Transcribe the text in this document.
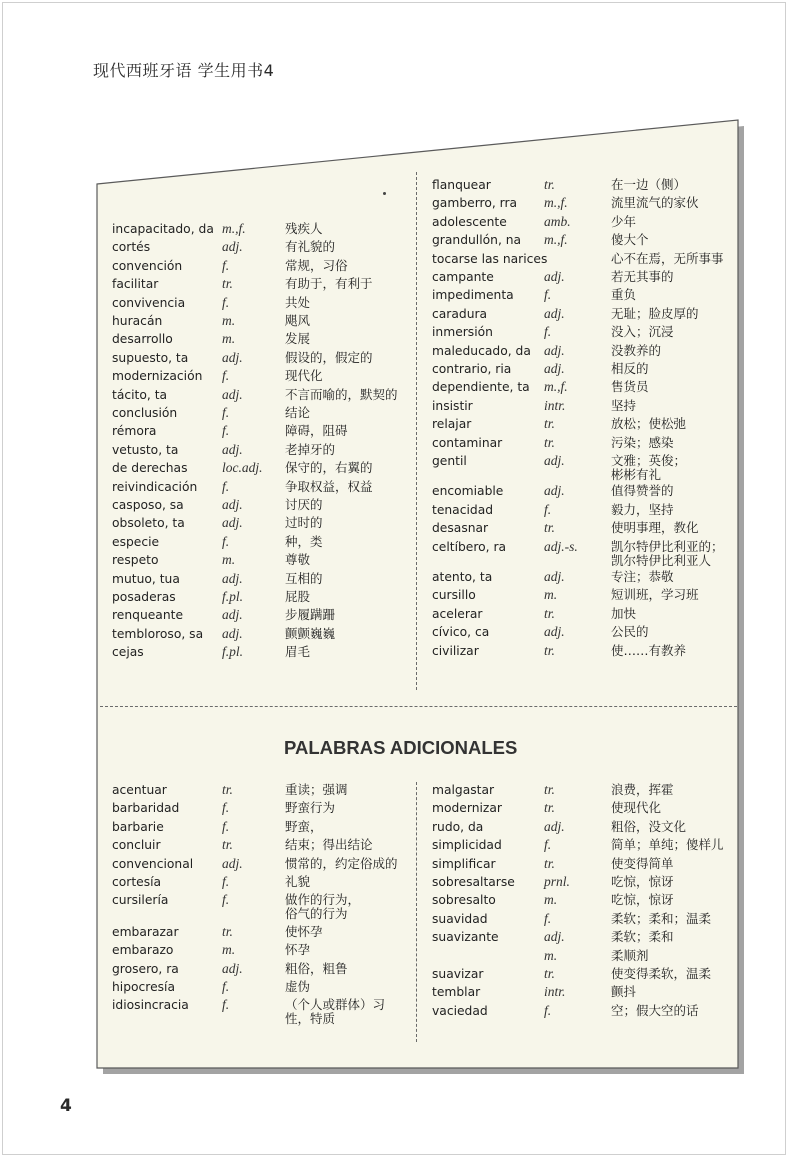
现代西班牙语 学生用书4
PALABRAS ADICIONALES
incapacitado, da m.,f.	残疾人
cortés	adj.	有礼貌的
convención	f.	常规，习俗
facilitar	tr.	有助于，有利于
convivencia	f.	共处
huracán	m.	飓风
desarrollo	m.	发展
supuesto, ta adj.	假设的，假定的
modernización f.	现代化
tácito, ta	adj.	不言而喻的，默契的
conclusión	f.	结论
rémora	f.	障碍，阻碍
vetusto, ta	adj.	老掉牙的
de derechas	loc.adj. 保守的，右翼的
reivindicación f.	争取权益，权益
casposo, sa	adj.	讨厌的
obsoleto, ta	adj.	过时的
especie	f.	种，类
respeto	m.	尊敬
mutuo, tua	adj.	互相的
posaderas	f.pl.	屁股
renqueante	adj.	步履蹒跚
tembloroso, sa adj.	颤颤巍巍
cejas	f.pl.	眉毛
flanquear	tr.	在一边（侧）
gamberro, rra m.,f.	流里流气的家伙
adolescente	amb.	少年
grandullón, na m.,f.	傻大个
tocarse las narices	心不在焉，无所事事
campante	adj.	若无其事的
impedimenta f.	重负
caradura	adj.	无耻；脸皮厚的
inmersión	f.	没入；沉浸
maleducado, da adj.	没教养的
contrario, ria adj.	相反的
dependiente, ta m.,f.	售货员
insistir	intr.	坚持
relajar	tr.	放松；使松弛
contaminar	tr.	污染；感染
gentil	adj.	文雅；英俊；
彬彬有礼
encomiable	adj.	值得赞誉的
tenacidad	f.	毅力，坚持
desasnar	tr.	使明事理，教化
celtíbero, ra	adj.-s.	凯尔特伊比利亚的；
凯尔特伊比利亚人
atento, ta	adj.	专注；恭敬
cursillo	m.	短训班，学习班
acelerar	tr.	加快
cívico, ca	adj.	公民的
civilizar	tr.	使……有教养
acentuar	tr.	重读；强调
barbaridad	f.	野蛮行为
barbarie	f.	野蛮，
concluir	tr.	结束；得出结论
convencional adj.	惯常的，约定俗成的
cortesía	f.	礼貌
cursilería	f.	做作的行为，
俗气的行为
embarazar	tr.	使怀孕
embarazo	m.	怀孕
grosero, ra	adj.	粗俗，粗鲁
hipocresía	f.	虚伪
idiosincracia f.	（个人或群体）习
性，特质
malgastar	tr.	浪费，挥霍
modernizar	tr.	使现代化
rudo, da	adj.	粗俗，没文化
simplicidad	f.	简单；单纯；傻样儿
simplificar	tr.	使变得简单
sobresaltarse prnl.	吃惊，惊讶
sobresalto	m.	吃惊，惊讶
suavidad	f.	柔软；柔和；温柔
suavizante	adj.	柔软；柔和
m.	柔顺剂
suavizar	tr.	使变得柔软，温柔
temblar	intr.	颤抖
vaciedad	f.	空；假大空的话
4
